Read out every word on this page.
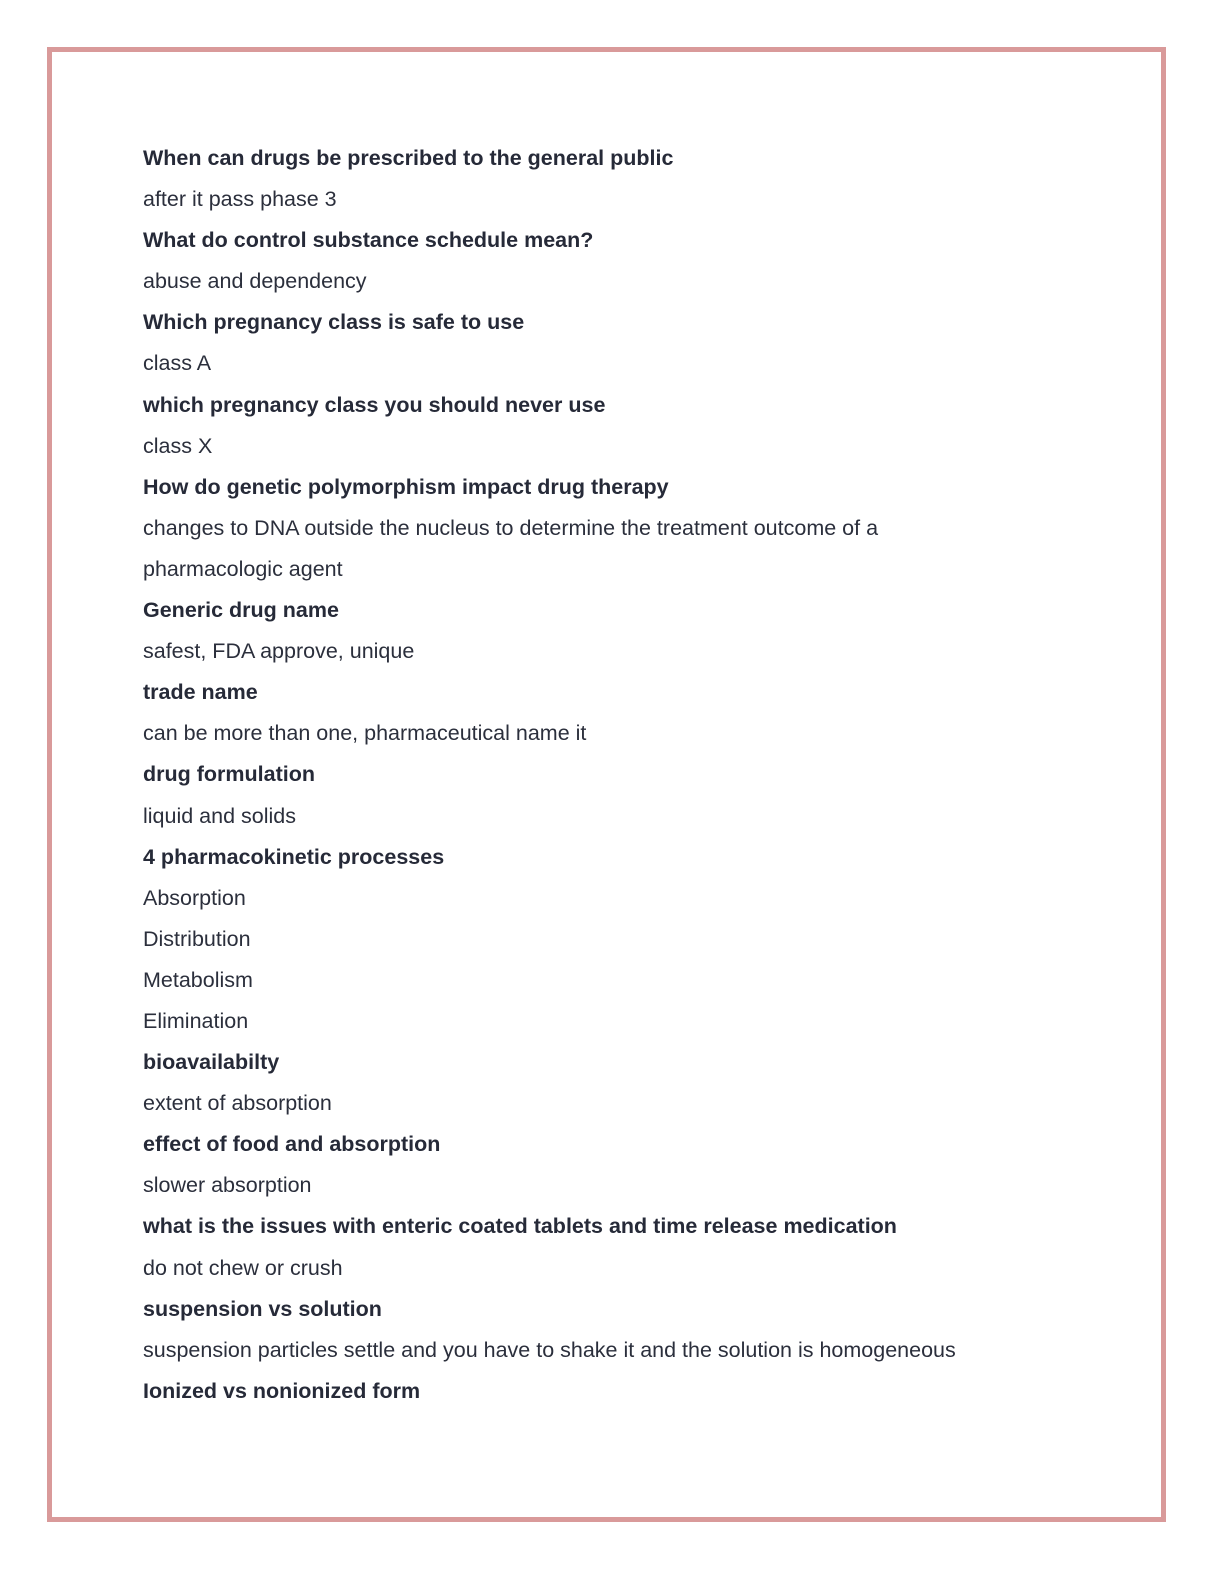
When can drugs be prescribed to the general public
after it pass phase 3
What do control substance schedule mean?
abuse and dependency
Which pregnancy class is safe to use
class A
which pregnancy class you should never use
class X
How do genetic polymorphism impact drug therapy
changes to DNA outside the nucleus to determine the treatment outcome of a
pharmacologic agent
Generic drug name
safest, FDA approve, unique
trade name
can be more than one, pharmaceutical name it
drug formulation
liquid and solids
4 pharmacokinetic processes
Absorption
Distribution
Metabolism
Elimination
bioavailabilty
extent of absorption
effect of food and absorption
slower absorption
what is the issues with enteric coated tablets and time release medication
do not chew or crush
suspension vs solution
suspension particles settle and you have to shake it and the solution is homogeneous
Ionized vs nonionized form
